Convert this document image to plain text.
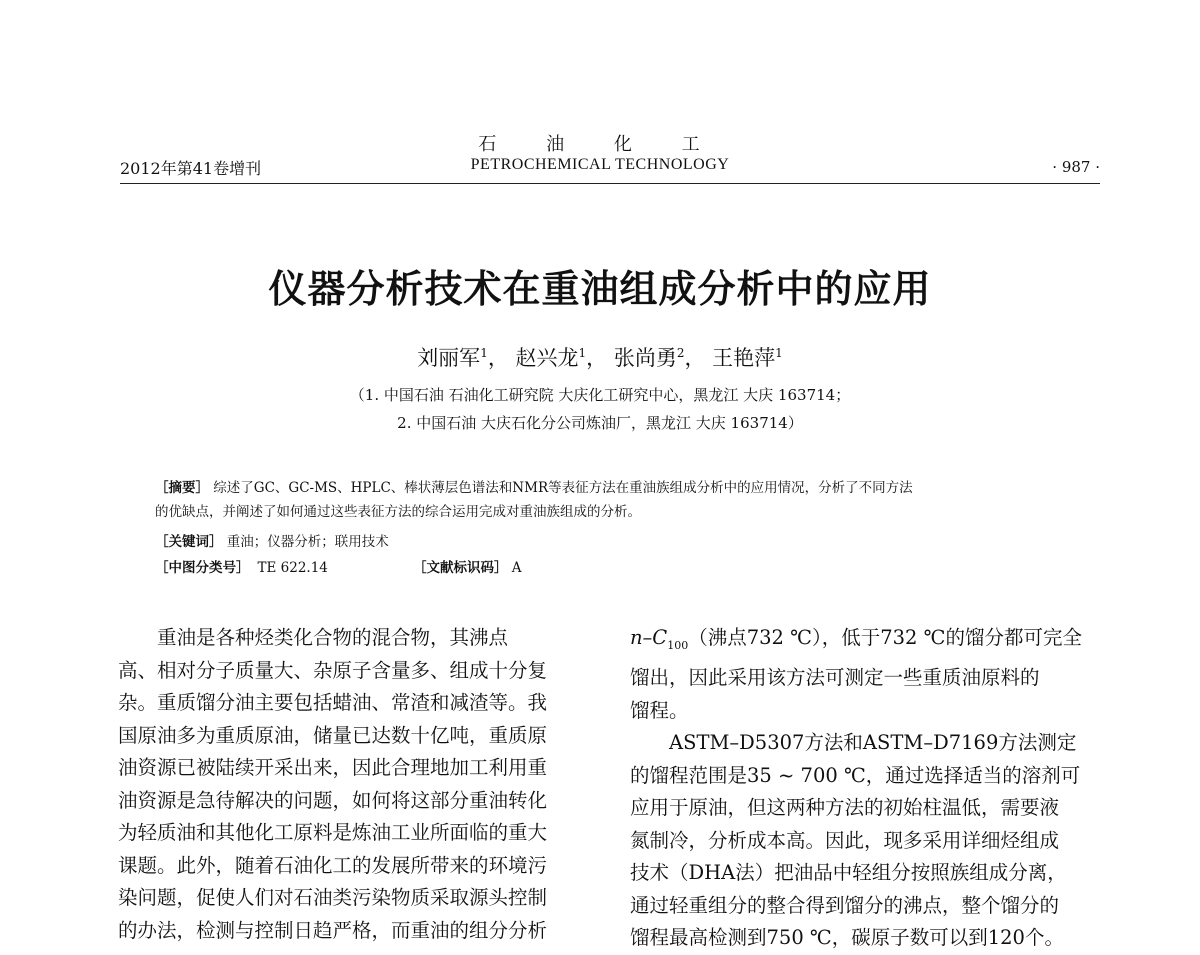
石 油 化 工
2012年第41卷增刊	PETROCHEMICAL TECHNOLOGY	· 987 ·
仪器分析技术在重油组成分析中的应用
刘丽军$^1$， 赵兴龙$^1$， 张尚勇$^2$， 王艳萍$^1$
（1. 中国石油 石油化工研究院 大庆化工研究中心，黑龙江 大庆 163714；
2. 中国石油 大庆石化分公司炼油厂，黑龙江 大庆 163714）
［摘要］ 综述了GC、GC-MS、HPLC、棒状薄层色谱法和NMR等表征方法在重油族组成分析中的应用情况，分析了不同方法
的优缺点，并阐述了如何通过这些表征方法的综合运用完成对重油族组成的分析。
［关键词］ 重油；仪器分析；联用技术
［中图分类号］ TE 622.14	［文献标识码］ A
重油是各种烃类化合物的混合物，其沸点
高、相对分子质量大、杂原子含量多、组成十分复
杂。重质馏分油主要包括蜡油、常渣和减渣等。我
国原油多为重质原油，储量已达数十亿吨，重质原
油资源已被陆续开采出来，因此合理地加工利用重
油资源是急待解决的问题，如何将这部分重油转化
为轻质油和其他化工原料是炼油工业所面临的重大
课题。此外，随着石油化工的发展所带来的环境污
染问题，促使人们对石油类污染物质采取源头控制
的办法，检测与控制日趋严格，而重油的组分分析
$n-C_{100}$（沸点732 ℃），低于732 ℃的馏分都可完全
馏出，因此采用该方法可测定一些重质油原料的
馏程。
ASTM–D5307方法和ASTM–D7169方法测定
的馏程范围是35 ~ 700 ℃，通过选择适当的溶剂可
应用于原油，但这两种方法的初始柱温低，需要液
氮制冷，分析成本高。因此，现多采用详细烃组成
技术（DHA法）把油品中轻组分按照族组成分离，
通过轻重组分的整合得到馏分的沸点，整个馏分的
馏程最高检测到750 ℃，碳原子数可以到120个。
